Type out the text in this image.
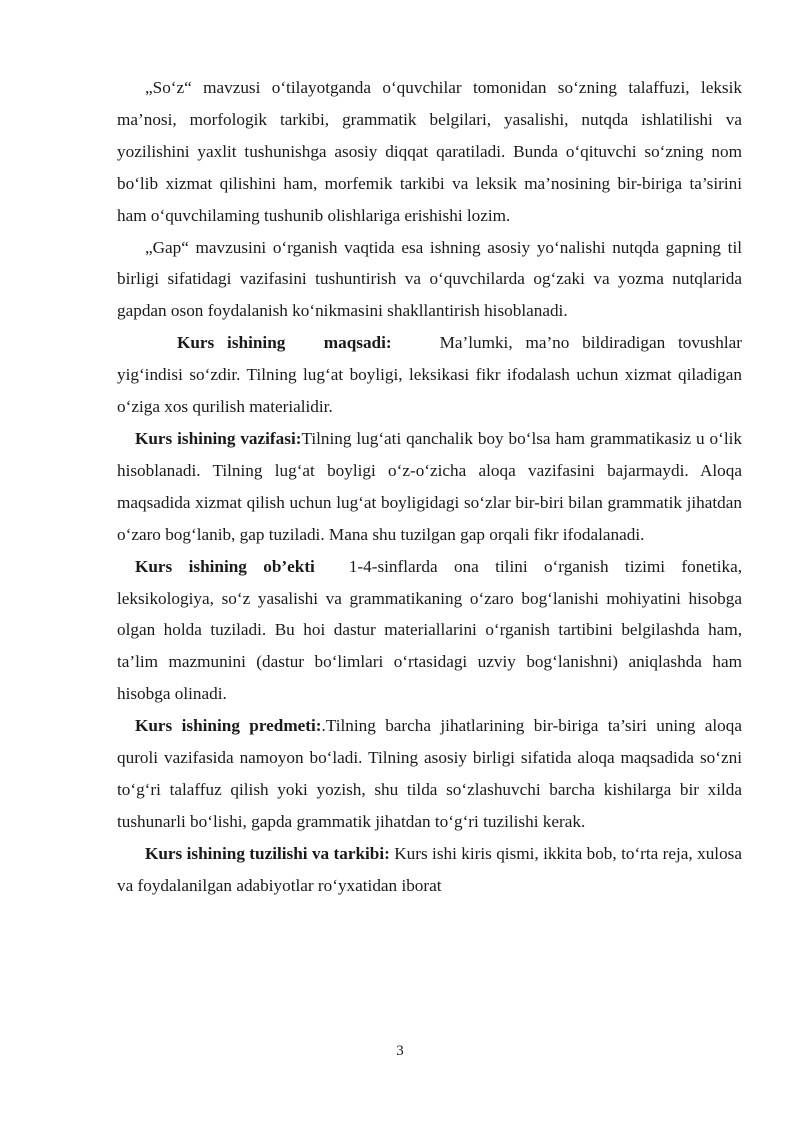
„So‘z“ mavzusi o‘tilayotganda o‘quvchilar tomonidan so‘zning talaffuzi, leksik ma’nosi, morfologik tarkibi, grammatik belgilari, yasalishi, nutqda ishlatilishi va yozilishini yaxlit tushunishga asosiy diqqat qaratiladi. Bunda o‘qituvchi so‘zning nom bo‘lib xizmat qilishini ham, morfemik tarkibi va leksik ma’nosining bir-biriga ta’sirini ham o‘quvchilaming tushunib olishlariga erishishi lozim.

„Gap“ mavzusini o‘rganish vaqtida esa ishning asosiy yo‘nalishi nutqda gapning til birligi sifatidagi vazifasini tushuntirish va o‘quvchilarda og‘zaki va yozma nutqlarida gapdan oson foydalanish ko‘nikmasini shakllantirish hisoblanadi.

Kurs ishining   maqsadi:	Ma’lumki, ma’no bildiradigan tovushlar yig‘indisi so‘zdir. Tilning lug‘at boyligi, leksikasi fikr ifodalash uchun xizmat qiladigan o‘ziga xos qurilish materialidir.

Kurs ishining vazifasi:Tilning lug‘ati qanchalik boy bo‘lsa ham grammatikasiz u o‘lik hisoblanadi. Tilning lug‘at boyligi o‘z-o‘zicha aloqa vazifasini bajarmaydi. Aloqa maqsadida xizmat qilish uchun lug‘at boyligidagi so‘zlar bir-biri bilan grammatik jihatdan o‘zaro bog‘lanib, gap tuziladi. Mana shu tuzilgan gap orqali fikr ifodalanadi.

Kurs ishining ob’ekti 1-4-sinflarda ona tilini o‘rganish tizimi fonetika, leksikologiya, so‘z yasalishi va grammatikaning o‘zaro bog‘lanishi mohiyatini hisobga olgan holda tuziladi. Bu hoi dastur materiallarini o‘rganish tartibini belgilashda ham, ta’lim mazmunini (dastur bo‘limlari o‘rtasidagi uzviy bog‘lanishni) aniqlashda ham hisobga olinadi.

Kurs ishining predmeti:.Tilning barcha jihatlarining bir-biriga ta’siri uning aloqa quroli vazifasida namoyon bo‘ladi. Tilning asosiy birligi sifatida aloqa maqsadida so‘zni to‘g‘ri talaffuz qilish yoki yozish, shu tilda so‘zlashuvchi barcha kishilarga bir xilda tushunarli bo‘lishi, gapda grammatik jihatdan to‘g‘ri tuzilishi kerak.

Kurs ishining tuzilishi va tarkibi: Kurs ishi kiris qismi, ikkita bob, to‘rta reja, xulosa va foydalanilgan adabiyotlar ro‘yxatidan iborat

3
